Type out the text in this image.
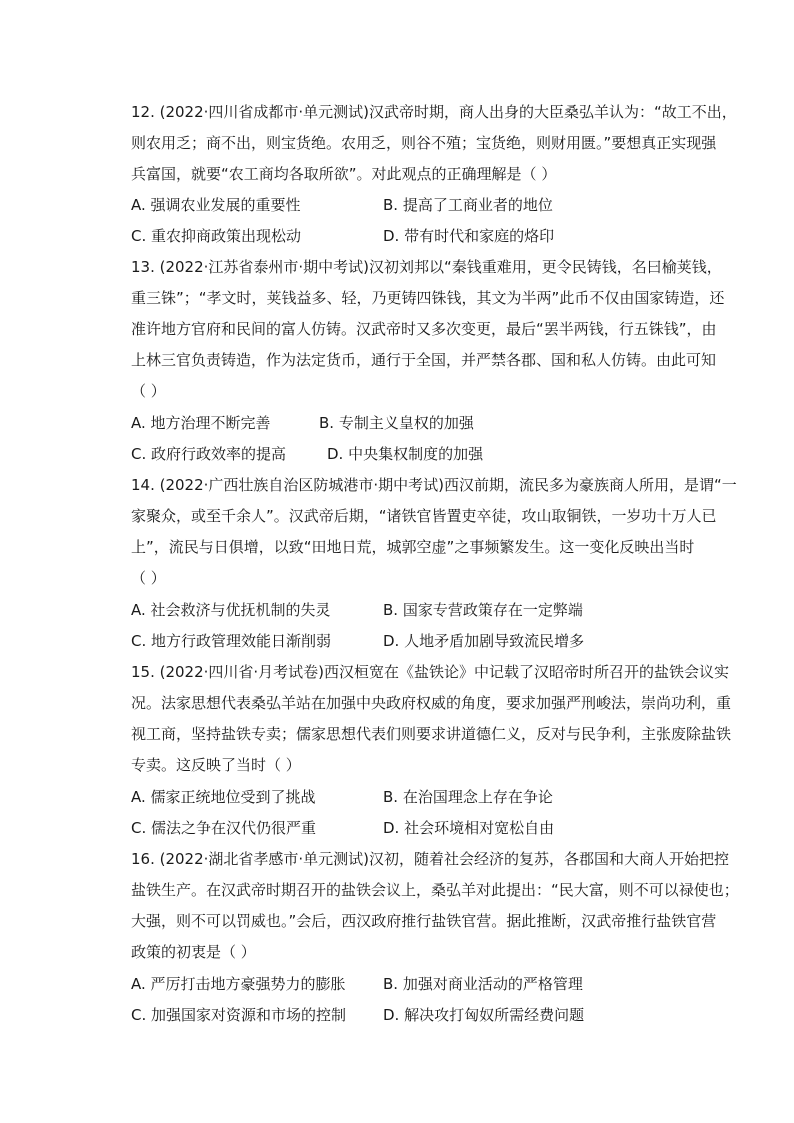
12. (2022·四川省成都市·单元测试)汉武帝时期，商人出身的大臣桑弘羊认为：“故工不出，
则农用乏；商不出，则宝货绝。农用乏，则谷不殖；宝货绝，则财用匮。”要想真正实现强
兵富国，就要“农工商均各取所欲”。对此观点的正确理解是（ ）
A. 强调农业发展的重要性	B. 提高了工商业者的地位
C. 重农抑商政策出现松动	D. 带有时代和家庭的烙印
13. (2022·江苏省泰州市·期中考试)汉初刘邦以“秦钱重难用，更令民铸钱，名曰榆荚钱，
重三铢”；“孝文时，荚钱益多、轻，乃更铸四铢钱，其文为半两”此币不仅由国家铸造，还
准许地方官府和民间的富人仿铸。汉武帝时又多次变更，最后“罢半两钱，行五铢钱”，由
上林三官负责铸造，作为法定货币，通行于全国，并严禁各郡、国和私人仿铸。由此可知
（ ）
A. 地方治理不断完善	B. 专制主义皇权的加强
C. 政府行政效率的提高	D. 中央集权制度的加强
14. (2022·广西壮族自治区防城港市·期中考试)西汉前期，流民多为豪族商人所用，是谓“一
家聚众，或至千余人”。汉武帝后期，“诸铁官皆置吏卒徒，攻山取铜铁，一岁功十万人已
上”，流民与日俱增，以致“田地日荒，城郭空虚”之事频繁发生。这一变化反映出当时
（ ）
A. 社会救济与优抚机制的失灵	B. 国家专营政策存在一定弊端
C. 地方行政管理效能日渐削弱	D. 人地矛盾加剧导致流民增多
15. (2022·四川省·月考试卷)西汉桓宽在《盐铁论》中记载了汉昭帝时所召开的盐铁会议实
况。法家思想代表桑弘羊站在加强中央政府权威的角度，要求加强严刑峻法，崇尚功利，重
视工商，坚持盐铁专卖；儒家思想代表们则要求讲道德仁义，反对与民争利，主张废除盐铁
专卖。这反映了当时（ ）
A. 儒家正统地位受到了挑战	B. 在治国理念上存在争论
C. 儒法之争在汉代仍很严重	D. 社会环境相对宽松自由
16. (2022·湖北省孝感市·单元测试)汉初，随着社会经济的复苏，各郡国和大商人开始把控
盐铁生产。在汉武帝时期召开的盐铁会议上，桑弘羊对此提出：“民大富，则不可以禄使也；
大强，则不可以罚威也。”会后，西汉政府推行盐铁官营。据此推断，汉武帝推行盐铁官营
政策的初衷是（ ）
A. 严厉打击地方豪强势力的膨胀 B. 加强对商业活动的严格管理
C. 加强国家对资源和市场的控制 D. 解决攻打匈奴所需经费问题
